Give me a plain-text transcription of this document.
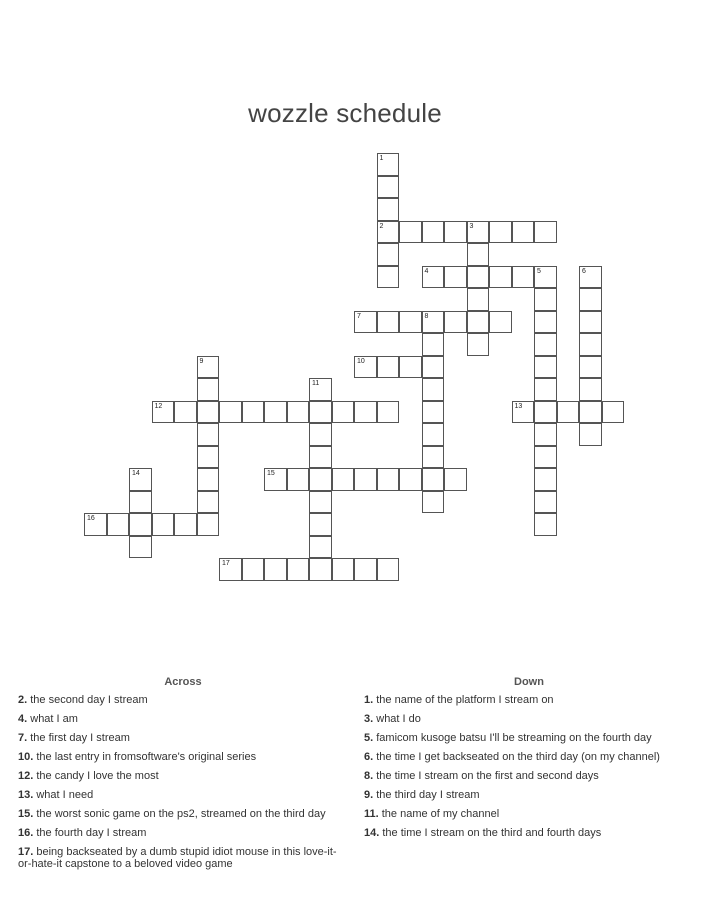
wozzle schedule
1
2	3
4	5	6
7	8
9	10
11
12	13
14	15
16
17
Across
2. the second day I stream
4. what I am
7. the first day I stream
10. the last entry in fromsoftware's original series
12. the candy I love the most
13. what I need
15. the worst sonic game on the ps2, streamed on the third day
16. the fourth day I stream
17. being backseated by a dumb stupid idiot mouse in this love-it-or-hate-it capstone to a beloved video game
Down
1. the name of the platform I stream on
3. what I do
5. famicom kusoge batsu I'll be streaming on the fourth day
6. the time I get backseated on the third day (on my channel)
8. the time I stream on the first and second days
9. the third day I stream
11. the name of my channel
14. the time I stream on the third and fourth days
